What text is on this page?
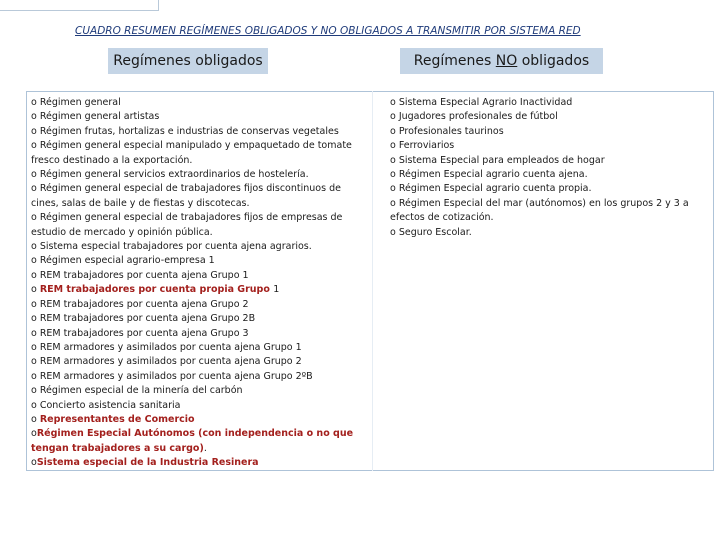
CUADRO RESUMEN REGÍMENES OBLIGADOS Y NO OBLIGADOS A TRANSMITIR POR SISTEMA RED
Regímenes obligados	Regímenes NO obligados
o Régimen general
o Régimen general artistas
o Régimen frutas, hortalizas e industrias de conservas vegetales
o Régimen general especial manipulado y empaquetado de tomate fresco destinado a la exportación.
o Régimen general servicios extraordinarios de hostelería.
o Régimen general especial de trabajadores fijos discontinuos de cines, salas de baile y de fiestas y discotecas.
o Régimen general especial de trabajadores fijos de empresas de estudio de mercado y opinión pública.
o Sistema especial trabajadores por cuenta ajena agrarios.
o Régimen especial agrario-empresa 1
o REM trabajadores por cuenta ajena Grupo 1
o REM trabajadores por cuenta propia Grupo 1
o REM trabajadores por cuenta ajena Grupo 2
o REM trabajadores por cuenta ajena Grupo 2B
o REM trabajadores por cuenta ajena Grupo 3
o REM armadores y asimilados por cuenta ajena Grupo 1
o REM armadores y asimilados por cuenta ajena Grupo 2
o REM armadores y asimilados por cuenta ajena Grupo 2ºB
o Régimen especial de la minería del carbón
o Concierto asistencia sanitaria
o Representantes de Comercio
oRégimen Especial Autónomos (con independencia o no que tengan trabajadores a su cargo).
oSistema especial de la Industria Resinera
o Sistema Especial Agrario Inactividad
o Jugadores profesionales de fútbol
o Profesionales taurinos
o Ferroviarios
o Sistema Especial para empleados de hogar
o Régimen Especial agrario cuenta ajena.
o Régimen Especial agrario cuenta propia.
o Régimen Especial del mar (autónomos) en los grupos 2 y 3 a efectos de cotización.
o Seguro Escolar.
